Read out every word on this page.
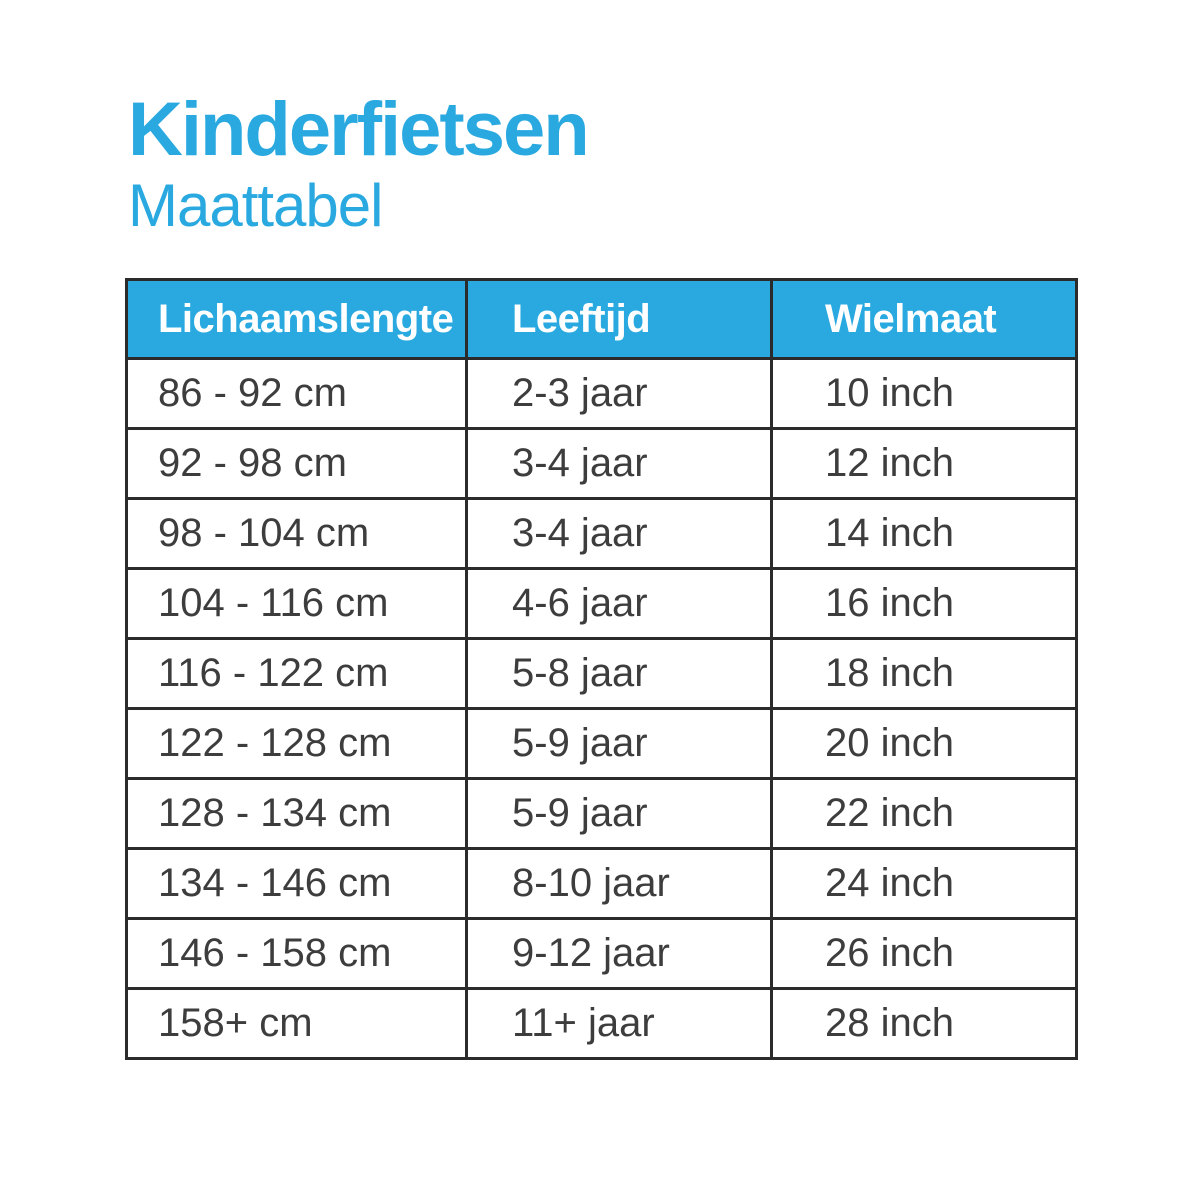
Kinderfietsen
Maattabel
Lichaamslengte	Leeftijd	Wielmaat
86 - 92 cm	2-3 jaar	10 inch
92 - 98 cm	3-4 jaar	12 inch
98 - 104 cm	3-4 jaar	14 inch
104 - 116 cm	4-6 jaar	16 inch
116 - 122 cm	5-8 jaar	18 inch
122 - 128 cm	5-9 jaar	20 inch
128 - 134 cm	5-9 jaar	22 inch
134 - 146 cm	8-10 jaar	24 inch
146 - 158 cm	9-12 jaar	26 inch
158+ cm	11+ jaar	28 inch
